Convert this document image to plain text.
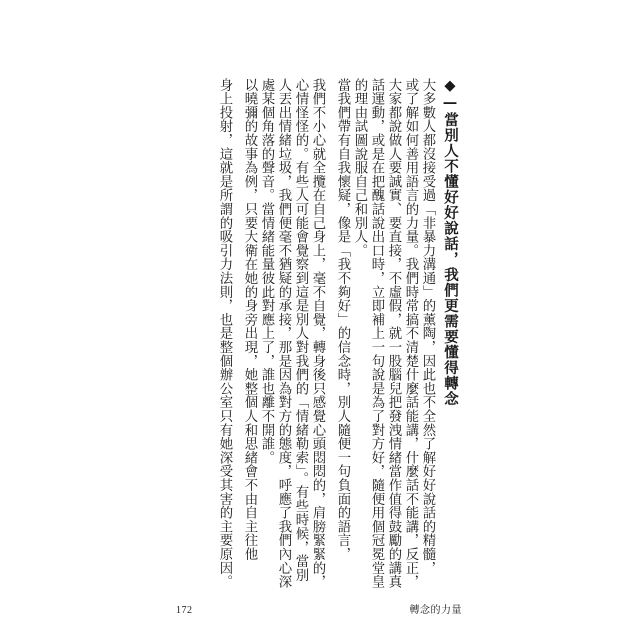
◆—當別人不懂好好說話，我們更需要懂得轉念
大多數人都沒接受過「非暴力溝通」的薰陶，因此也不全然了解好好說話的精髓，
或了解如何善用語言的力量。我們時常搞不清楚什麼話能講，什麼話不能講，反正，
大家都說做人要誠實、要直接，不虛假，就一股腦兒把發洩情緒當作值得鼓勵的講真
話運動，或是在把醜話說出口時，立即補上一句說是為了對方好，隨便用個冠冕堂皇
的理由試圖說服自己和別人。
當我們帶有自我懷疑，像是「我不夠好」的信念時，別人隨便一句負面的語言，
我們不小心就全攬在自己身上，毫不自覺，轉身後只感覺心頭悶悶的，肩膀緊緊的，
心情怪怪的。有些人可能會覺察到這是別人對我們的「情緒勒索」。有些時候，當別
人丟出情緒垃圾，我們便毫不猶疑的承接，那是因為對方的態度，呼應了我們內心深
處某個角落的聲音。當情緒能量彼此對應上了，誰也離不開誰。
以曉彌的故事為例，只要大衛在她的身旁出現，她整個人和思緒會不由自主往他
身上投射，這就是所謂的吸引力法則，也是整個辦公室只有她深受其害的主要原因。
172	轉念的力量
